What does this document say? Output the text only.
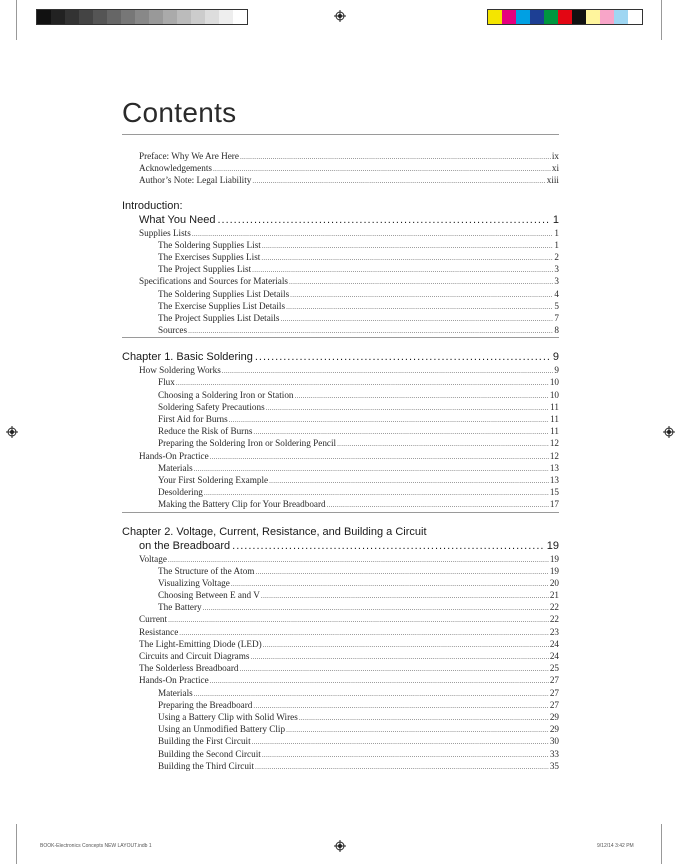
BOOK-Electronics Concepts NEW LAYOUT.indb 1	9/12/14 3:42 PM
Contents
Preface: Why We Are Here .....	ix
Acknowledgements .....	xi
Author’s Note: Legal Liability .....	xiii
Introduction:
What You Need .....	1
Supplies Lists .....	1
The Soldering Supplies List .....	1
The Exercises Supplies List .....	2
The Project Supplies List .....	3
Specifications and Sources for Materials .....	3
The Soldering Supplies List Details .....	4
The Exercise Supplies List Details .....	5
The Project Supplies List Details .....	7
Sources .....	8
Chapter 1. Basic Soldering .....	9
How Soldering Works .....	9
Flux .....	10
Choosing a Soldering Iron or Station .....	10
Soldering Safety Precautions .....	11
First Aid for Burns .....	11
Reduce the Risk of Burns .....	11
Preparing the Soldering Iron or Soldering Pencil .....	12
Hands-On Practice .....	12
Materials .....	13
Your First Soldering Example .....	13
Desoldering .....	15
Making the Battery Clip for Your Breadboard .....	17
Chapter 2. Voltage, Current, Resistance, and Building a Circuit
on the Breadboard .....	19
Voltage .....	19
The Structure of the Atom .....	19
Visualizing Voltage .....	20
Choosing Between E and V .....	21
The Battery .....	22
Current .....	22
Resistance .....	23
The Light-Emitting Diode (LED) .....	24
Circuits and Circuit Diagrams .....	24
The Solderless Breadboard .....	25
Hands-On Practice .....	27
Materials .....	27
Preparing the Breadboard .....	27
Using a Battery Clip with Solid Wires .....	29
Using an Unmodified Battery Clip .....	29
Building the First Circuit .....	30
Building the Second Circuit .....	33
Building the Third Circuit .....	35
